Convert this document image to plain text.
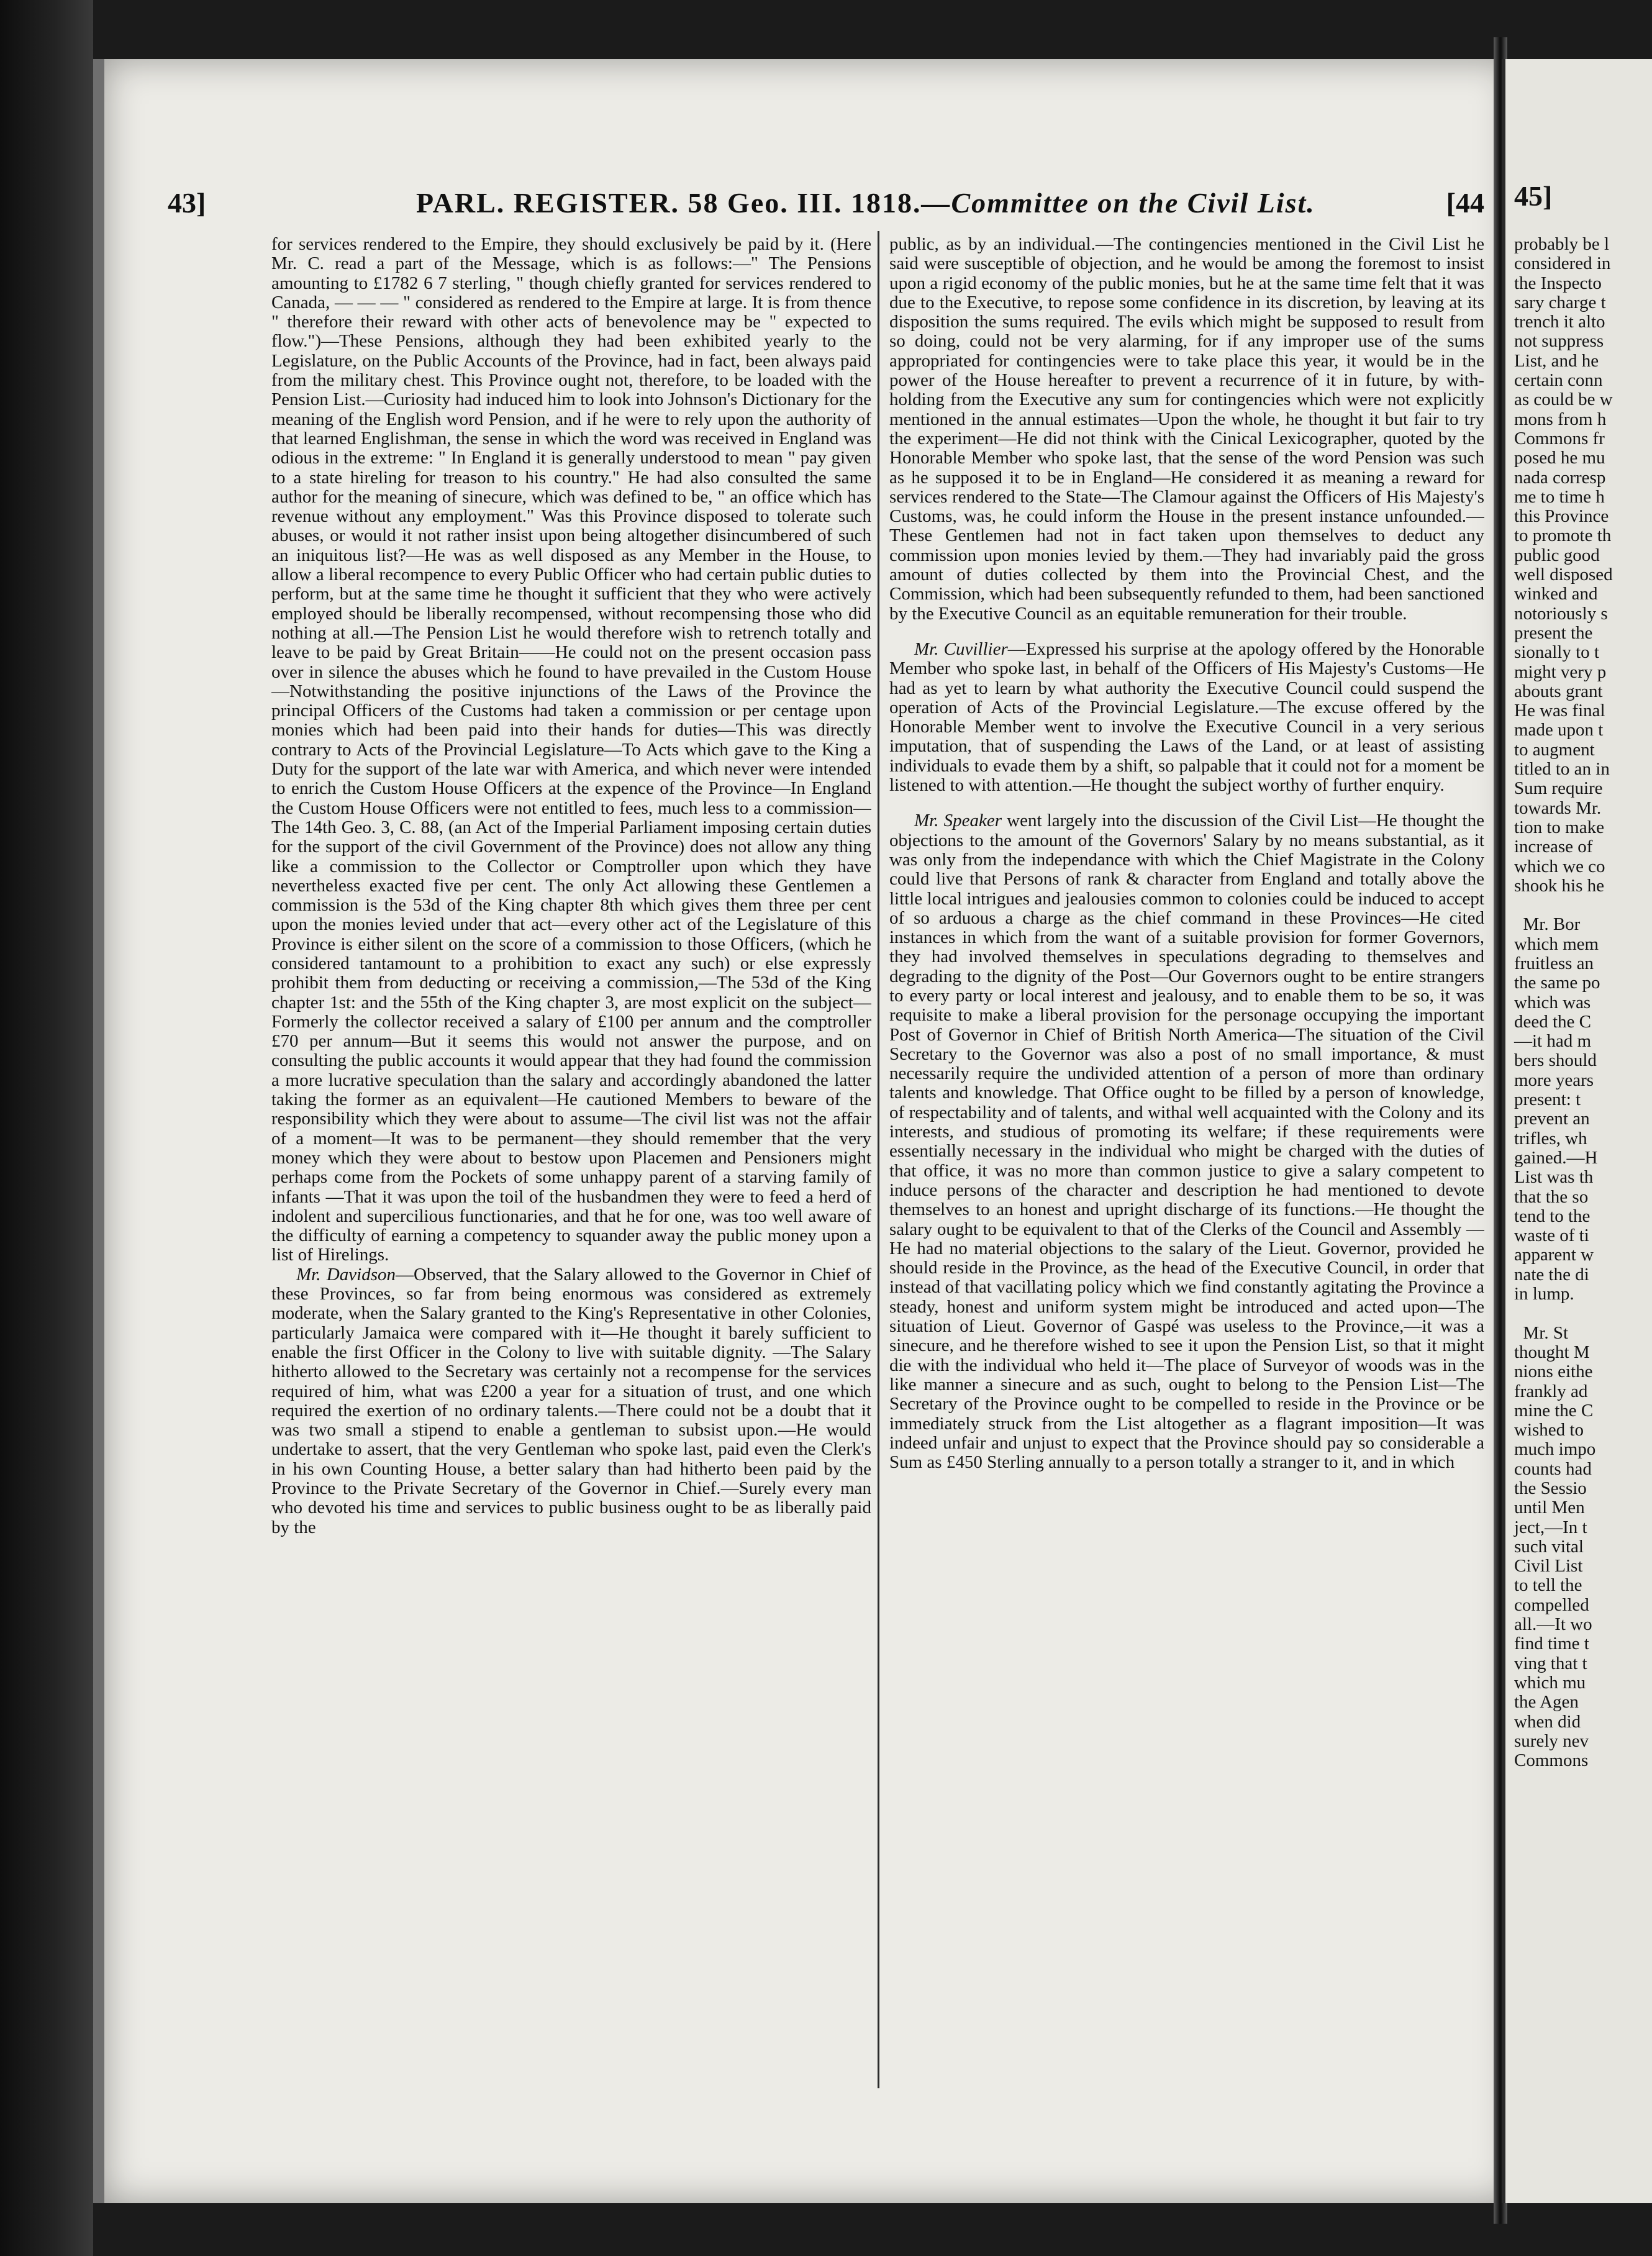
45]
probably be l
considered in
the Inspecto
sary charge t
trench it alto
not suppress
List, and he
certain conn
as could be w
mons from h
Commons fr
posed he mu
nada corresp
me to time h
this Province
to promote th
public good
well disposed
winked and
notoriously s
present the
sionally to t
might very p
abouts grant
He was final
made upon t
to augment
titled to an in
Sum require
towards Mr.
tion to make
increase of
which we co
shook his he

Mr. Bor
which mem
fruitless an
the same po
which was
deed the C
—it had m
bers should
more years
present: t
prevent an
trifles, wh
gained.—H
List was th
that the so
tend to the
waste of ti
apparent w
nate the di
in lump.

Mr. St
thought M
nions eithe
frankly ad
mine the C
wished to
much impo
counts had
the Sessio
until Men
ject,—In t
such vital
Civil List
to tell the
compelled
all.—It wo
find time t
ving that t
which mu
the Agen
when did
surely nev
Commons
43]	PARL. REGISTER. 58 Geo. III. 1818.—Committee on the Civil List.	[44

for services rendered to the Empire, they should exclusively be paid by it. (Here Mr. C. read a part of the Message, which is as follows:—" The Pensions amounting to £1782 6 7 sterling, " though chiefly granted for services rendered to Canada, — — — " considered as rendered to the Empire at large. It is from thence " therefore their reward with other acts of benevolence may be " expected to flow.")—These Pensions, although they had been exhibited yearly to the Legislature, on the Public Accounts of the Province, had in fact, been always paid from the military chest. This Province ought not, therefore, to be loaded with the Pension List.—Curiosity had induced him to look into Johnson's Dictionary for the meaning of the English word Pension, and if he were to rely upon the authority of that learned Englishman, the sense in which the word was received in England was odious in the extreme: " In England it is generally understood to mean " pay given to a state hireling for treason to his country." He had also consulted the same author for the meaning of sinecure, which was defined to be, " an office which has revenue without any employment." Was this Province disposed to tolerate such abuses, or would it not rather insist upon being altogether disincumbered of such an iniquitous list?—He was as well disposed as any Member in the House, to allow a liberal recompence to every Public Officer who had certain public duties to perform, but at the same time he thought it sufficient that they who were actively employed should be liberally recompensed, without recompensing those who did nothing at all.—The Pension List he would therefore wish to retrench totally and leave to be paid by Great Britain——He could not on the present occasion pass over in silence the abuses which he found to have prevailed in the Custom House—Notwithstanding the positive injunctions of the Laws of the Province the principal Officers of the Customs had taken a commission or per centage upon monies which had been paid into their hands for duties—This was directly contrary to Acts of the Provincial Legislature—To Acts which gave to the King a Duty for the support of the late war with America, and which never were intended to enrich the Custom House Officers at the expence of the Province—In England the Custom House Officers were not entitled to fees, much less to a commission—The 14th Geo. 3, C. 88, (an Act of the Imperial Parliament imposing certain duties for the support of the civil Government of the Province) does not allow any thing like a commission to the Collector or Comptroller upon which they have nevertheless exacted five per cent. The only Act allowing these Gentlemen a commission is the 53d of the King chapter 8th which gives them three per cent upon the monies levied under that act—every other act of the Legislature of this Province is either silent on the score of a commission to those Officers, (which he considered tantamount to a prohibition to exact any such) or else expressly prohibit them from deducting or receiving a commission,—The 53d of the King chapter 1st: and the 55th of the King chapter 3, are most explicit on the subject—Formerly the collector received a salary of £100 per annum and the comptroller £70 per annum—But it seems this would not answer the purpose, and on consulting the public accounts it would appear that they had found the commission a more lucrative speculation than the salary and accordingly abandoned the latter taking the former as an equivalent—He cautioned Members to beware of the responsibility which they were about to assume—The civil list was not the affair of a moment—It was to be permanent—they should remember that the very money which they were about to bestow upon Placemen and Pensioners might perhaps come from the Pockets of some unhappy parent of a starving family of infants —That it was upon the toil of the husbandmen they were to feed a herd of indolent and supercilious functionaries, and that he for one, was too well aware of the difficulty of earning a competency to squander away the public money upon a list of Hirelings.

Mr. Davidson—Observed, that the Salary allowed to the Governor in Chief of these Provinces, so far from being enormous was considered as extremely moderate, when the Salary granted to the King's Representative in other Colonies, particularly Jamaica were compared with it—He thought it barely sufficient to enable the first Officer in the Colony to live with suitable dignity. —The Salary hitherto allowed to the Secretary was certainly not a recompense for the services required of him, what was £200 a year for a situation of trust, and one which required the exertion of no ordinary talents.—There could not be a doubt that it was two small a stipend to enable a gentleman to subsist upon.—He would undertake to assert, that the very Gentleman who spoke last, paid even the Clerk's in his own Counting House, a better salary than had hitherto been paid by the Province to the Private Secretary of the Governor in Chief.—Surely every man who devoted his time and services to public business ought to be as liberally paid by the

public, as by an individual.—The contingencies mentioned in the Civil List he said were susceptible of objection, and he would be among the foremost to insist upon a rigid economy of the public monies, but he at the same time felt that it was due to the Executive, to repose some confidence in its discretion, by leaving at its disposition the sums required. The evils which might be supposed to result from so doing, could not be very alarming, for if any improper use of the sums appropriated for contingencies were to take place this year, it would be in the power of the House hereafter to prevent a recurrence of it in future, by with-holding from the Executive any sum for contingencies which were not explicitly mentioned in the annual estimates—Upon the whole, he thought it but fair to try the experiment—He did not think with the Cinical Lexicographer, quoted by the Honorable Member who spoke last, that the sense of the word Pension was such as he supposed it to be in England—He considered it as meaning a reward for services rendered to the State—The Clamour against the Officers of His Majesty's Customs, was, he could inform the House in the present instance unfounded.—These Gentlemen had not in fact taken upon themselves to deduct any commission upon monies levied by them.—They had invariably paid the gross amount of duties collected by them into the Provincial Chest, and the Commission, which had been subsequently refunded to them, had been sanctioned by the Executive Council as an equitable remuneration for their trouble.

Mr. Cuvillier—Expressed his surprise at the apology offered by the Honorable Member who spoke last, in behalf of the Officers of His Majesty's Customs—He had as yet to learn by what authority the Executive Council could suspend the operation of Acts of the Provincial Legislature.—The excuse offered by the Honorable Member went to involve the Executive Council in a very serious imputation, that of suspending the Laws of the Land, or at least of assisting individuals to evade them by a shift, so palpable that it could not for a moment be listened to with attention.—He thought the subject worthy of further enquiry.

Mr. Speaker went largely into the discussion of the Civil List—He thought the objections to the amount of the Governors' Salary by no means substantial, as it was only from the independance with which the Chief Magistrate in the Colony could live that Persons of rank & character from England and totally above the little local intrigues and jealousies common to colonies could be induced to accept of so arduous a charge as the chief command in these Provinces—He cited instances in which from the want of a suitable provision for former Governors, they had involved themselves in speculations degrading to themselves and degrading to the dignity of the Post—Our Governors ought to be entire strangers to every party or local interest and jealousy, and to enable them to be so, it was requisite to make a liberal provision for the personage occupying the important Post of Governor in Chief of British North America—The situation of the Civil Secretary to the Governor was also a post of no small importance, & must necessarily require the undivided attention of a person of more than ordinary talents and knowledge. That Office ought to be filled by a person of knowledge, of respectability and of talents, and withal well acquainted with the Colony and its interests, and studious of promoting its welfare; if these requirements were essentially necessary in the individual who might be charged with the duties of that office, it was no more than common justice to give a salary competent to induce persons of the character and description he had mentioned to devote themselves to an honest and upright discharge of its functions.—He thought the salary ought to be equivalent to that of the Clerks of the Council and Assembly —He had no material objections to the salary of the Lieut. Governor, provided he should reside in the Province, as the head of the Executive Council, in order that instead of that vacillating policy which we find constantly agitating the Province a steady, honest and uniform system might be introduced and acted upon—The situation of Lieut. Governor of Gaspé was useless to the Province,—it was a sinecure, and he therefore wished to see it upon the Pension List, so that it might die with the individual who held it—The place of Surveyor of woods was in the like manner a sinecure and as such, ought to belong to the Pension List—The Secretary of the Province ought to be compelled to reside in the Province or be immediately struck from the List altogether as a flagrant imposition—It was indeed unfair and unjust to expect that the Province should pay so considerable a Sum as £450 Sterling annually to a person totally a stranger to it, and in which
